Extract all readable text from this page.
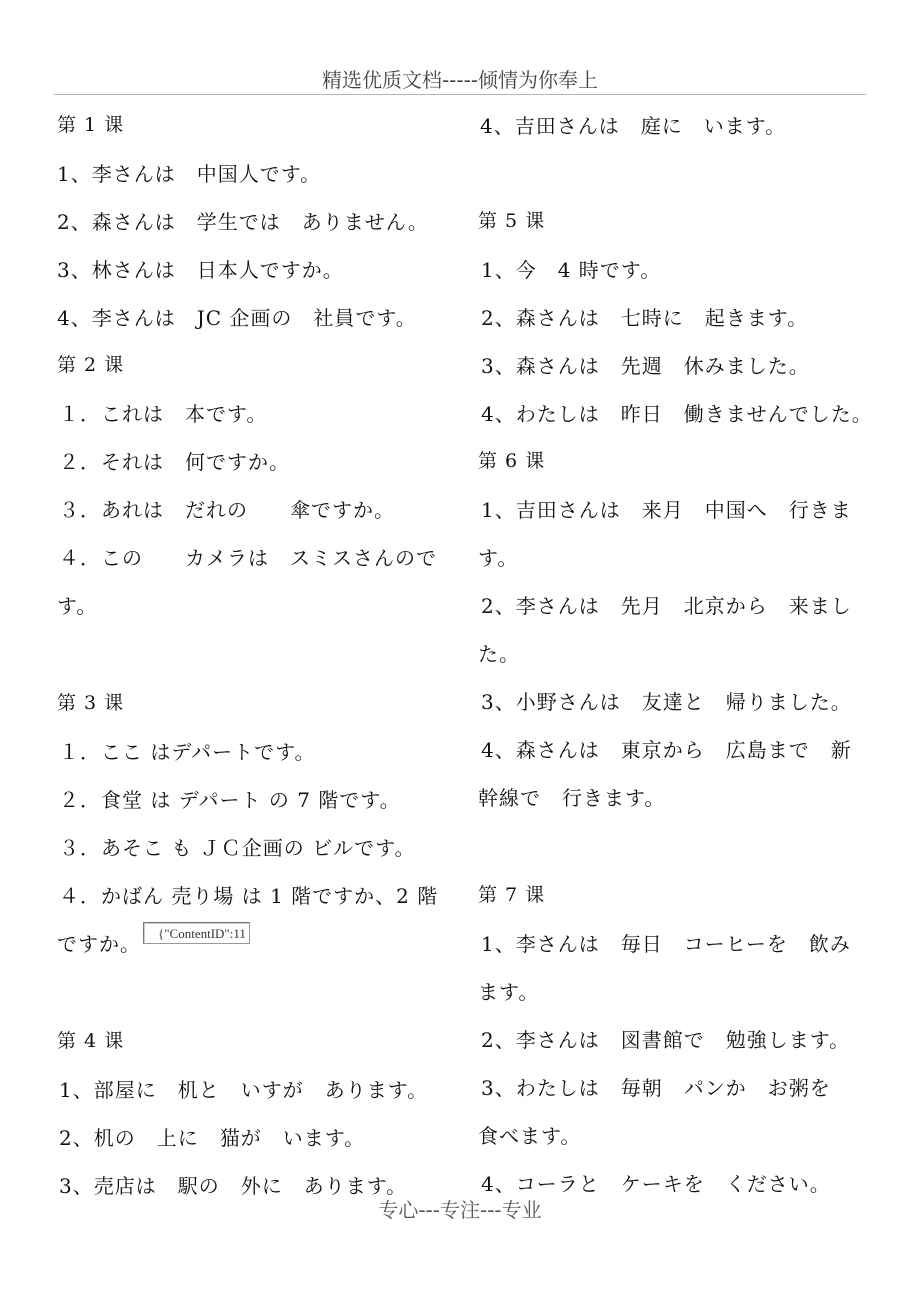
精选优质文档-----倾情为你奉上
第 1 课
1、李さんは　中国人です。
2、森さんは　学生では　ありません。
3、林さんは　日本人ですか。
4、李さんは　JC 企画の　社員です。
第 2 课
１．これは　本です。
２．それは　何ですか。
３．あれは　だれの　　傘ですか。
４．この　　カメラは　スミスさんので
す。
第 3 课
１．ここ はデパートです。
２．食堂 は デパート の 7 階です。
３．あそこ も ＪＣ企画の ビルです。
４．かばん 売り場 は 1 階ですか、2 階
ですか。	{"ContentID":11
第 4 课
1、部屋に　机と　いすが　あります。
2、机の　上に　猫が　います。
3、売店は　駅の　外に　あります。
4、吉田さんは　庭に　います。
第 5 课
1、今　4 時です。
2、森さんは　七時に　起きます。
3、森さんは　先週　休みました。
4、わたしは　昨日　働きませんでした。
第 6 课
1、吉田さんは　来月　中国へ　行きま
す。
2、李さんは　先月　北京から　来まし
た。
3、小野さんは　友達と　帰りました。
4、森さんは　東京から　広島まで　新
幹線で　行きます。
第 7 课
1、李さんは　毎日　コーヒーを　飲み
ます。
2、李さんは　図書館で　勉強します。
3、わたしは　毎朝　パンか　お粥を
食べます。
4、コーラと　ケーキを　ください。
专心---专注---专业
